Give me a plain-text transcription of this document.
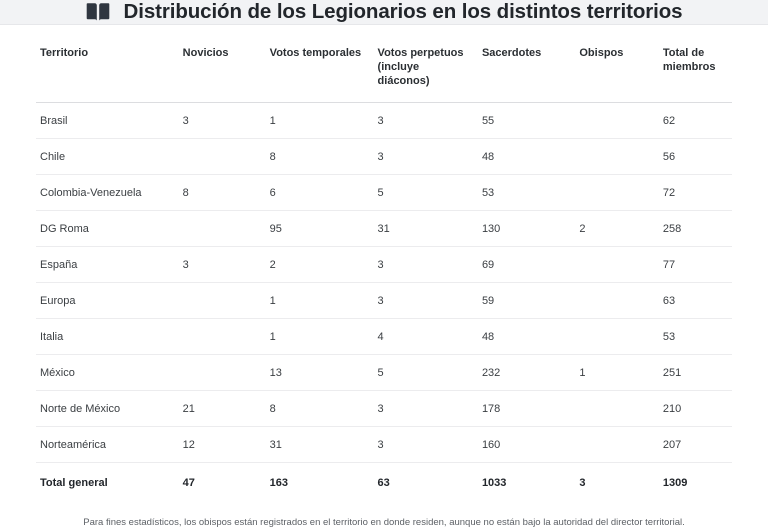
Distribución de los Legionarios en los distintos territorios
Territorio	Novicios	Votos temporales	Votos perpetuos (incluye diáconos)	Sacerdotes	Obispos	Total de miembros
Brasil	3	1	3	55		62
Chile		8	3	48		56
Colombia-Venezuela	8	6	5	53		72
DG Roma		95	31	130	2	258
España	3	2	3	69		77
Europa		1	3	59		63
Italia		1	4	48		53
México		13	5	232	1	251
Norte de México	21	8	3	178		210
Norteamérica	12	31	3	160		207
Total general	47	163	63	1033	3	1309

Para fines estadísticos, los obispos están registrados en el territorio en donde residen, aunque no están bajo la autoridad del director territorial.
